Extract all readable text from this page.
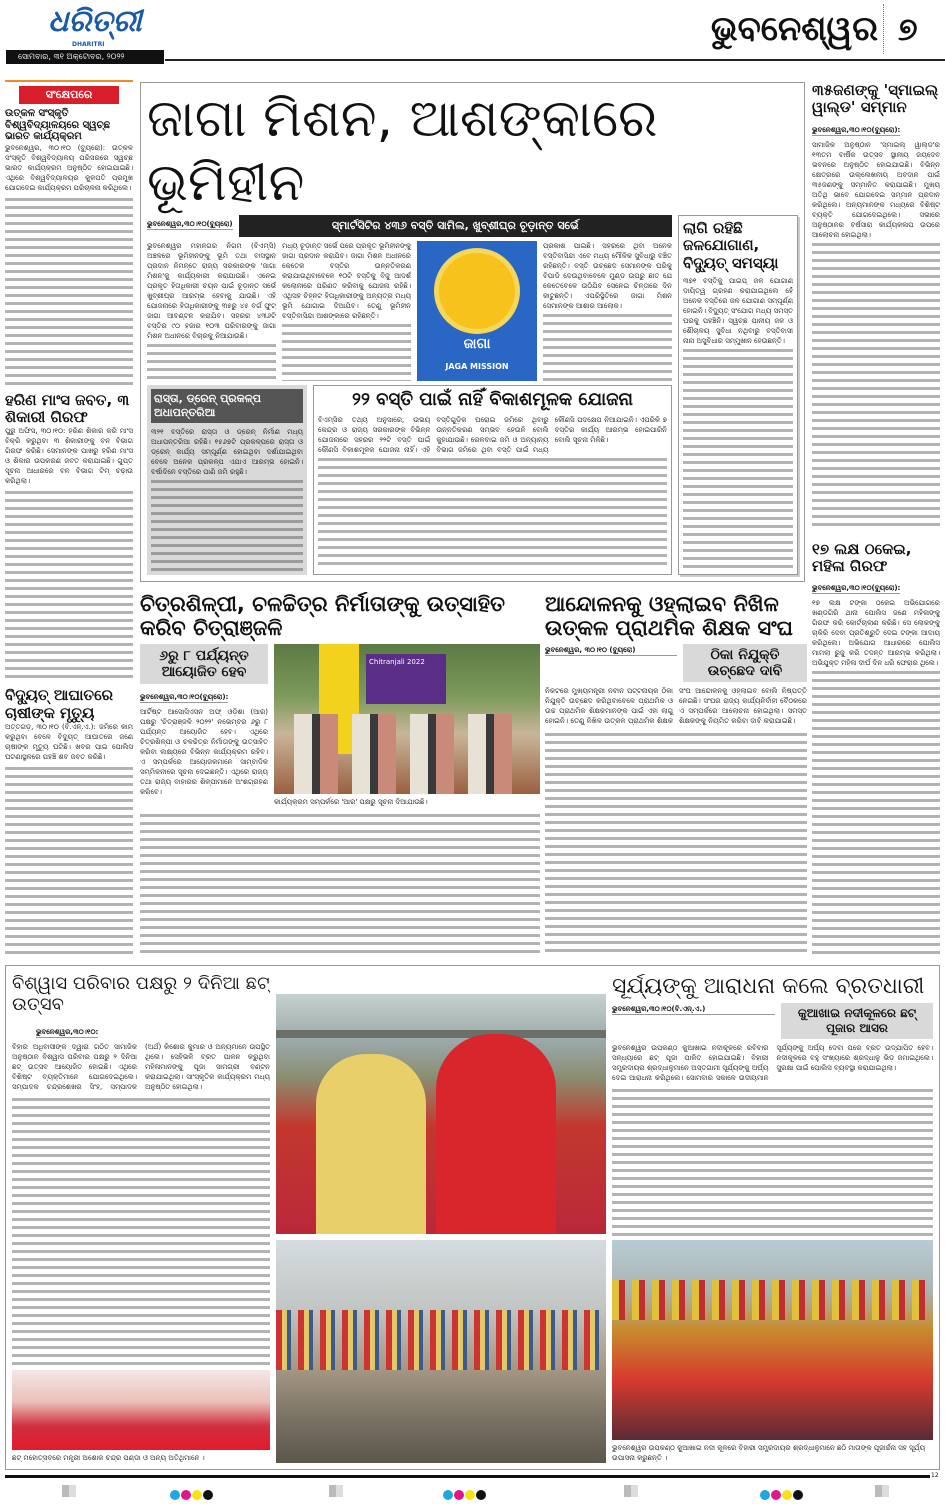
ଧରିତ୍ରୀ
DHARITRI
ସୋମବାର, ୩୧ ଅକ୍ଟୋବର, ୨୦୨୨
ଭୁବନେଶ୍ୱର ୭
ସଂକ୍ଷେପରେ
ଉତ୍କଳ ସଂସ୍କୃତି ବିଶ୍ୱବିଦ୍ୟାଳୟରେ ସ୍ୱଚ୍ଛ ଭାରତ କାର୍ଯ୍ୟକ୍ରମ
ଭୁବନେଶ୍ୱର, ୩୦।୧୦ (ବ୍ୟୁରୋ): ଉତ୍କଳ ସଂସ୍କୃତି ବିଶ୍ୱବିଦ୍ୟାଳୟ ପରିସରରେ ସ୍ୱଚ୍ଛ ଭାରତ କାର୍ଯ୍ୟକ୍ରମ ଅନୁଷ୍ଠିତ ହୋଇଯାଇଛି। ଏଥିରେ ବିଶ୍ୱବିଦ୍ୟାଳୟର କୁଳପତି ପ୍ରମୁଖ ଯୋଗଦେଇ କାର୍ଯ୍ୟକ୍ରମ ପରିଚାଳନା କରିଥିଲେ।
ହରିଣ ମାଂସ ଜବତ, ୩ ଶିକାରୀ ଗିରଫ
ପୁରୁ ଅଫିସ, ୩୦।୧୦: ହରିଣ ଶିକାର କରି ମାଂସ ବିକ୍ରି କରୁଥିବା ୩ ଶିକାରୀଙ୍କୁ ବନ ବିଭାଗ ଗିରଫ କରିଛି। ସେମାନଙ୍କ ପାଖରୁ ହରିଣ ମାଂସ ଓ ଶିକାର ଉପକରଣ ଜବତ କରାଯାଇଛି। ଗୁପ୍ତ ସୂଚନା ଆଧାରରେ ବନ ବିଭାଗ ଟିମ୍ ଚଢ଼ାଉ କରିଥିଲା।
ବିଦ୍ୟୁତ୍ ଆଘାତରେ ଚାଷୀଙ୍କ ମୃତ୍ୟୁ
ଅତ୍ତଗଡ଼, ୩୦।୧୦ (ବି.ଏନ୍.ଏ.): ଜମିରେ କାମ କରୁଥିବା ବେଳେ ବିଦ୍ୟୁତ୍ ଆଘାତରେ ଜଣେ ଚାଷୀଙ୍କ ମୃତ୍ୟୁ ଘଟିଛି। ଖବର ପାଇ ପୋଲିସ ଘଟଣାସ୍ଥଳରେ ପହଞ୍ଚି ଶବ ଜବତ କରିଛି।
ଜାଗା ମିଶନ, ଆଶଙ୍କାରେ ଭୂମିହୀନ
ଭୁବନେଶ୍ୱର,୩୦।୧୦(ବ୍ୟୁରୋ)	ସ୍ମାର୍ଟସିଟିର ୪୩୬ ବସ୍ତି ସାମିଲ, ଖୁବ୍‌ଶୀଘ୍ର ଚୂଡ଼ାନ୍ତ ସର୍ଭେ
ଭୁବନେଶ୍ୱର ମହାନଗର ନିଗମ (ବିଏମ୍‌ସି) ଅଞ୍ଚଳରେ ଭୂମିହୀନଙ୍କୁ ଭୂମି ତଥା ବାସସ୍ଥାନ ପ୍ରଦାନ ନିମନ୍ତେ ରାଜ୍ୟ ସରକାରଙ୍କ 'ଜାଗା ମିଶନ'କୁ କାର୍ଯ୍ୟକାରୀ କରାଯାଉଛି। ଏନେଇ ପ୍ରକୃତ ହିତାଧିକାରୀ ଚୟନ ପାଇଁ ଚୂଡ଼ାନ୍ତ ସର୍ଭେ ଖୁବ୍‌ଶୀଘ୍ର ଆରମ୍ଭ ହେବାକୁ ଯାଉଛି। ଏହି ଯୋଜନାରେ ହିତାଧିକାରୀଙ୍କୁ ୩୫ରୁ ୪୫ ବର୍ଗ ଫୁଟ୍ ଜାଗା ଆବଣ୍ଟନ କରାଯିବ। ସହରର ୪୩୬ଟି ବସ୍ତିର ୯୦ ହଜାର ୧୦୩ ପରିବାରଙ୍କୁ ଜାଗା ମିଶନ ଅଧୀନରେ ବିଚାରକୁ ନିଆଯାଉଛି।
ମଧ୍ୟ ଚୂଡ଼ାନ୍ତ ସର୍ଭେ ପରେ ପ୍ରକୃତ ଭୂମିହୀନଙ୍କୁ ଜାଗା ପ୍ରଦାନ କରାଯିବ। ଜାଗା ମିଶନ ଅଧୀନରେ କେତେକ ବସ୍ତିର ଉନ୍ନତିକରଣ କରାଯାଉଥିବାବେଳେ ୧୦ଟି ବସ୍ତିକୁ ବିଜୁ ଆଦର୍ଶ କଲୋନୀରେ ପରିଣତ କରିବାକୁ ଯୋଜନା ରହିଛି। ଏଥିସହ ଚିହ୍ନଟ ହିତାଧିକାରୀଙ୍କୁ ଅନ୍ୟତ୍ର ମଧ୍ୟ ଭୂମି ଯୋଗାଇ ଦିଆଯିବ। ତେଣୁ ଭୂମିହୀନ ବସ୍ତିବାସିନ୍ଦା ଆଶଙ୍କାରେ ରହିଛନ୍ତି।
ଜାଗା
JAGA MISSION
ପ୍ରକାଶ ପାଇଛି। ସହରରେ ଥିବା ଅନେକ ବସ୍ତିବାସିନ୍ଦା ଏବେ ମଧ୍ୟ ମୌଳିକ ସୁବିଧାରୁ ବଞ୍ଚିତ ରହିଛନ୍ତି। ବସ୍ତି ଉଚ୍ଛେଦ ସେମାନଙ୍କ ଘରିକୁ ବିପାଡି ଦେଉଥିବାବେଳେ ମୁଣ୍ଡ ଉପରୁ ଛାତ ଯେ କେତେବେଳେ ଉଠିଯିବ ସେନେଇ ଚିନ୍ତାରେ ଦିନ କାଟୁଛନ୍ତି। ଏପରିସ୍ଥିତିରେ ଜାଗା ମିଶନ ସେମାନଙ୍କ ଆଶାର ଆଲୋକ।
ରାସ୍ତା, ଡ୍ରେନ୍ ପ୍ରକଳ୍ପ ଅଧାପନ୍ତରିଆ
୩୨୧ ବସ୍ତିରେ ରାସ୍ତା ଓ ଡ୍ରେନ୍ ନିର୍ମାଣ ମଧ୍ୟ ଅଧାପନ୍ତରିଆ ରହିଛି। ୧୫୬୭ଟି ପ୍ରକଳ୍ପରେ ରାସ୍ତା ଓ ଡ୍ରେନ୍ କାର୍ଯ୍ୟ ସମ୍ପୂର୍ଣ୍ଣ ହୋଇଥିବା ଦର୍ଶାଯାଇଥିବା ବେଳେ ଅନେକ ପ୍ରକଳ୍ପ ଏଯାଏ ଆରମ୍ଭ ହୋଇନି। ବର୍ଷାଦିନେ ବସ୍ତିରେ ପାଣି ଜମି ରହୁଛି।
୨୨ ବସ୍ତି ପାଇଁ ନାହିଁ ବିକାଶମୂଳକ ଯୋଜନା
ବିଏମ୍‌ସିର ତଥ୍ୟ ଅନୁସାରେ, ଉଭୟ କେନ୍ଦ୍ର ଓ ରାଜ୍ୟ ସରକାରଙ୍କ ବିଭିନ୍ନ ଯୋଜନାରେ ସହରର ୨୨ଟି ବସ୍ତି ପାଇଁ କୌଣସି ବିକାଶମୂଳକ ଯୋଜନା ନାହିଁ। ଏହି ବସ୍ତିଗୁଡ଼ିକ ଘରୋଇ ଜମିରେ ଥିବାରୁ ଉନ୍ନତିକରଣ ସମ୍ଭବ ହେଉନି ବୋଲି କୁହାଯାଉଛି। ରେଳବାଇ ଜମି ଓ ଅନ୍ୟାନ୍ୟ ବିଭାଗ ଜମିରେ ଥିବା ବସ୍ତି ପାଇଁ ମଧ୍ୟ କୌଣସି ପଦକ୍ଷେପ ନିଆଯାଇନି। ଏପରିକି ୭ ବସ୍ତିର କାର୍ଯ୍ୟ ଆରମ୍ଭ ହୋଇପାରିନି ବୋଲି ସୂଚନା ମିଳିଛି।
ଲାଗି ରହିଛି ଜଳଯୋଗାଣ, ବିଦ୍ୟୁତ୍ ସମସ୍ୟା
୩୭୧ ବସ୍ତିକୁ ପାଇପ୍ ଜଳ ଯୋଗାଣ ଦାୟିତ୍ୱ ଗ୍ରହଣ କରାଯାଇଥିଲେ ହେଁ ଅନେକ ବସ୍ତିରେ ଜଳ ଯୋଗାଣ ସମ୍ପୂର୍ଣ୍ଣ ହୋଇନି। ବିଦ୍ୟୁତ୍ ସଂଯୋଗ ମଧ୍ୟ ସମସ୍ତ ଘରକୁ ପହଞ୍ଚିନି। ସ୍ୱଚ୍ଛ ପାନୀୟ ଜଳ ଓ ଶୌଚାଳୟ ସୁବିଧା ନଥିବାରୁ ବସ୍ତିବାସୀ ନାନା ଅସୁବିଧାର ସମ୍ମୁଖୀନ ହେଉଛନ୍ତି।
୩୫ଜଣଙ୍କୁ 'ସ୍ମାଇଲ୍ ୱାଲ୍ଡ' ସମ୍ମାନ
ଭୁବନେଶ୍ୱର,୩୦।୧୦(ବ୍ୟୁରୋ):
ସାମାଜିକ ଅନୁଷ୍ଠାନ 'ସ୍ମାଇଲ୍ ୱାଲ୍ଡ'ର ୧୩ତମ ବାର୍ଷିକ ଉତ୍ସବ ସ୍ଥାନୀୟ ଜୟଦେବ ଭବନରେ ଅନୁଷ୍ଠିତ ହୋଇଯାଇଛି। ବିଭିନ୍ନ କ୍ଷେତ୍ରରେ ଉଲ୍ଲେଖନୀୟ ଅବଦାନ ପାଇଁ ୩୫ଜଣଙ୍କୁ ସମ୍ମାନିତ କରାଯାଇଛି। ମୁଖ୍ୟ ଅତିଥି ଭାବେ ଯୋଗଦେଇ ସମ୍ମାନ ପ୍ରଦାନ କରିଥିଲେ। ଅନ୍ୟମାନଙ୍କ ମଧ୍ୟରେ ବିଶିଷ୍ଟ ବ୍ୟକ୍ତି ଯୋଗଦେଇଥିଲେ। ସଭାରେ ଅନୁଷ୍ଠାନର ବର୍ଷସାରା କାର୍ଯ୍ୟକଳାପ ଉପରେ ଆଲୋଚନା ହୋଇଥିଲା।
୧୭ ଲକ୍ଷ ଠକେଇ, ମହିଳା ଗିରଫ
ଭୁବନେଶ୍ୱର,୩୦।୧୦(ବ୍ୟୁରୋ):
୧୭ ଲକ୍ଷ ଟଙ୍କା ଠକେଇ ଅଭିଯୋଗରେ ଖଣ୍ଡଗିରି ଥାନା ପୋଲିସ ଜଣେ ମହିଳାଙ୍କୁ ଗିରଫ କରି କୋର୍ଟଚାଲାଣ କରିଛି। ସେ ଲୋକଙ୍କୁ ଚାକିରି ଦେବା ପ୍ରତିଶ୍ରୁତି ଦେଇ ଟଙ୍କା ଆଦାୟ କରିଥିଲେ। ଅଭିଯୋଗ ଆଧାରରେ ପୋଲିସ ମାମଲା ରୁଜୁ କରି ତଦନ୍ତ ଆରମ୍ଭ କରିଥିଲା। ଅଭିଯୁକ୍ତ ମହିଳା ଦୀର୍ଘ ଦିନ ଧରି ଫେରାର ଥିଲେ।
ଚିତ୍ରଶିଳ୍ପୀ, ଚଳଚ୍ଚିତ୍ର ନିର୍ମାତାଙ୍କୁ ଉତ୍ସାହିତ କରିବ ଚିତ୍ରାଞ୍ଜଳି
୬ରୁ ୮ ପର୍ଯ୍ୟନ୍ତ ଆୟୋଜିତ ହେବ
ଭୁବନେଶ୍ୱର,୩୦।୧୦(ବ୍ୟୁରୋ):
ଆର୍ଟିଷ୍ଟ ଆସୋସିଏସନ ଅଫ୍ ଓଡ଼ିଶା (ଆର) ପକ୍ଷରୁ 'ଚିତ୍ରାଞ୍ଜଳି ୨୦୨୨' ନଭେମ୍ବର ୬ରୁ ୮ ପର୍ଯ୍ୟନ୍ତ ଆୟୋଜିତ ହେବ। ଏଥିରେ ଚିତ୍ରଶିଳ୍ପୀ ଓ ଚଳଚ୍ଚିତ୍ର ନିର୍ମାତାଙ୍କୁ ଉତ୍ସାହିତ କରିବା ଲକ୍ଷ୍ୟରେ ବିଭିନ୍ନ କାର୍ଯ୍ୟକ୍ରମ ରହିବ। ଏ ସମ୍ପର୍କରେ ଆୟୋଜକମାନେ ସାମ୍ବାଦିକ ସମ୍ମିଳନୀରେ ସୂଚନା ଦେଇଛନ୍ତି। ଏଥିରେ ରାଜ୍ୟ ତଥା ରାଜ୍ୟ ବାହାରର ଶିଳ୍ପୀମାନେ ଅଂଶଗ୍ରହଣ କରିବେ।
Chitranjali 2022
କାର୍ଯ୍ୟକ୍ରମ ସମ୍ପର୍କରେ 'ଆର' ପକ୍ଷରୁ ସୂଚନା ଦିଆଯାଉଛି।
ଆନ୍ଦୋଳନକୁ ଓହ୍ଲାଇବ ନିଖିଳ ଉତ୍କଳ ପ୍ରାଥମିକ ଶିକ୍ଷକ ସଂଘ
ଭୁବନେଶ୍ୱର, ୩୦।୧୦ (ବ୍ୟୁରୋ)	ଠିକା ନିଯୁକ୍ତି ଉଚ୍ଛେଦ ଦାବି
ନିକଟରେ ମୁଖ୍ୟମନ୍ତ୍ରୀ ନବୀନ ପଟ୍ଟନାୟକ ଠିକା ନିଯୁକ୍ତି ଉଚ୍ଛେଦ କରିଥିବାବେଳେ ପ୍ରାଥମିକ ଓ ଉଚ୍ଚ ପ୍ରାଥମିକ ଶିକ୍ଷକମାନଙ୍କ ପାଇଁ ଏହା ଲାଗୁ ହୋଇନି। ତେଣୁ ନିଖିଳ ଉତ୍କଳ ପ୍ରାଥମିକ ଶିକ୍ଷକ ସଂଘ ଆନ୍ଦୋଳନକୁ ଓହ୍ଲାଇବ ବୋଲି ନିଷ୍ପତ୍ତି ନେଇଛି। ସଂଘର ରାଜ୍ୟ କାର୍ଯ୍ୟନିର୍ବାହୀ ବୈଠକରେ ଏ ସମ୍ପର୍କରେ ଆଲୋଚନା ହୋଇଥିଲା। ସମସ୍ତ ଶିକ୍ଷକଙ୍କୁ ନିୟମିତ କରିବା ଦାବି କରାଯାଇଛି।
ବିଶ୍ୱାସ ପରିବାର ପକ୍ଷରୁ ୨ ଦିନିଆ ଛଟ୍ ଉତ୍ସବ
ଭୁବନେଶ୍ୱର,୩୦।୧୦:
ବିହାର ଅଧିବାସୀଙ୍କ ଦ୍ୱାରା ଗଠିତ ସାମାଜିକ ଅନୁଷ୍ଠାନ ବିଶ୍ୱାସ ପରିବାର ପକ୍ଷରୁ ୨ ଦିନିଆ ଛଟ୍ ଉତ୍ସବ ଆୟୋଜିତ ହୋଇଛି। ଏଥିରେ ବିଶିଷ୍ଟ ବ୍ୟକ୍ତିମାନେ ଯୋଗଦେଇଥିଲେ। ସମ୍ପାଦକ ଚନ୍ଦ୍ରଶେଖର ସିଂହ, ସମ୍ପାଦକ (ଅର୍ଥ) କିଶୋର କୁମାର ଓ ଅନ୍ୟମାନେ ଉପସ୍ଥିତ ଥିଲେ। ସେହିଭଳି ବ୍ରତ ପାଳନ କରୁଥିବା ମହିଳାମାନଙ୍କୁ ପୂଜା ସାମଗ୍ରୀ ବଣ୍ଟନ କରାଯାଇଥିଲା। ସାଂସ୍କୃତିକ କାର୍ଯ୍ୟକ୍ରମ ମଧ୍ୟ ଅନୁଷ୍ଠିତ ହୋଇଥିଲା।
ଛଟ୍ ମହୋତ୍ସବରେ ମନ୍ତ୍ରୀ ଅଶୋକ ଚନ୍ଦ୍ର ପଣ୍ଡା ଓ ଅନ୍ୟ ଅତିଥିମାନେ ।
ସୂର୍ଯ୍ୟଙ୍କୁ ଆରାଧନା କଲେ ବ୍ରତଧାରୀ
ଭୁବନେଶ୍ୱର,୩୦।୧୦(ବି.ଏନ୍.ଏ.)	କୁଆଖାଇ ନଦୀକୂଳରେ ଛଟ୍ ପୂଜାର ଆସର
ଭୁବନେଶ୍ୱର ଉପକଣ୍ଠ କୁଆଖାଇ ନଦୀକୂଳରେ ରବିବାର ସନ୍ଧ୍ୟାରେ ଛଟ୍ ପୂଜା ପାଳିତ ହୋଇଯାଇଛି। ବିହାରୀ ସମ୍ପ୍ରଦାୟର ଶ୍ରଦ୍ଧାଳୁମାନେ ଅସ୍ତଗାମୀ ସୂର୍ଯ୍ୟଙ୍କୁ ଅର୍ଘ୍ୟ ଦେଇ ଆରାଧନା କରିଥିଲେ। ସୋମବାର ସକାଳେ ଉଦୀୟମାନ ସୂର୍ଯ୍ୟଙ୍କୁ ଅର୍ଘ୍ୟ ଦେବା ପରେ ବ୍ରତ ଉଦ୍‌ଯାପିତ ହେବ। ନଦୀକୂଳରେ ବହୁ ସଂଖ୍ୟାରେ ଶ୍ରଦ୍ଧାଳୁ ଭିଡ଼ ଜମାଇଥିଲେ। ସୁରକ୍ଷା ପାଇଁ ପୋଲିସ ବ୍ୟବସ୍ଥା କରାଯାଇଥିଲା।
ଭୁବନେଶ୍ୱର ଉପକଣ୍ଠ କୁଆଖାଇ ନଦୀ କୂଳରେ ବିହାରୀ ସମ୍ପ୍ରଦାୟର ଶ୍ରଦ୍ଧାଳୁମାନେ ଛଠି ମାତାଙ୍କ ପୂଜାର୍ଚ୍ଚନା ସହ ସୂର୍ଯ୍ୟ ଉପାସନା କରୁଛନ୍ତି ।
12
